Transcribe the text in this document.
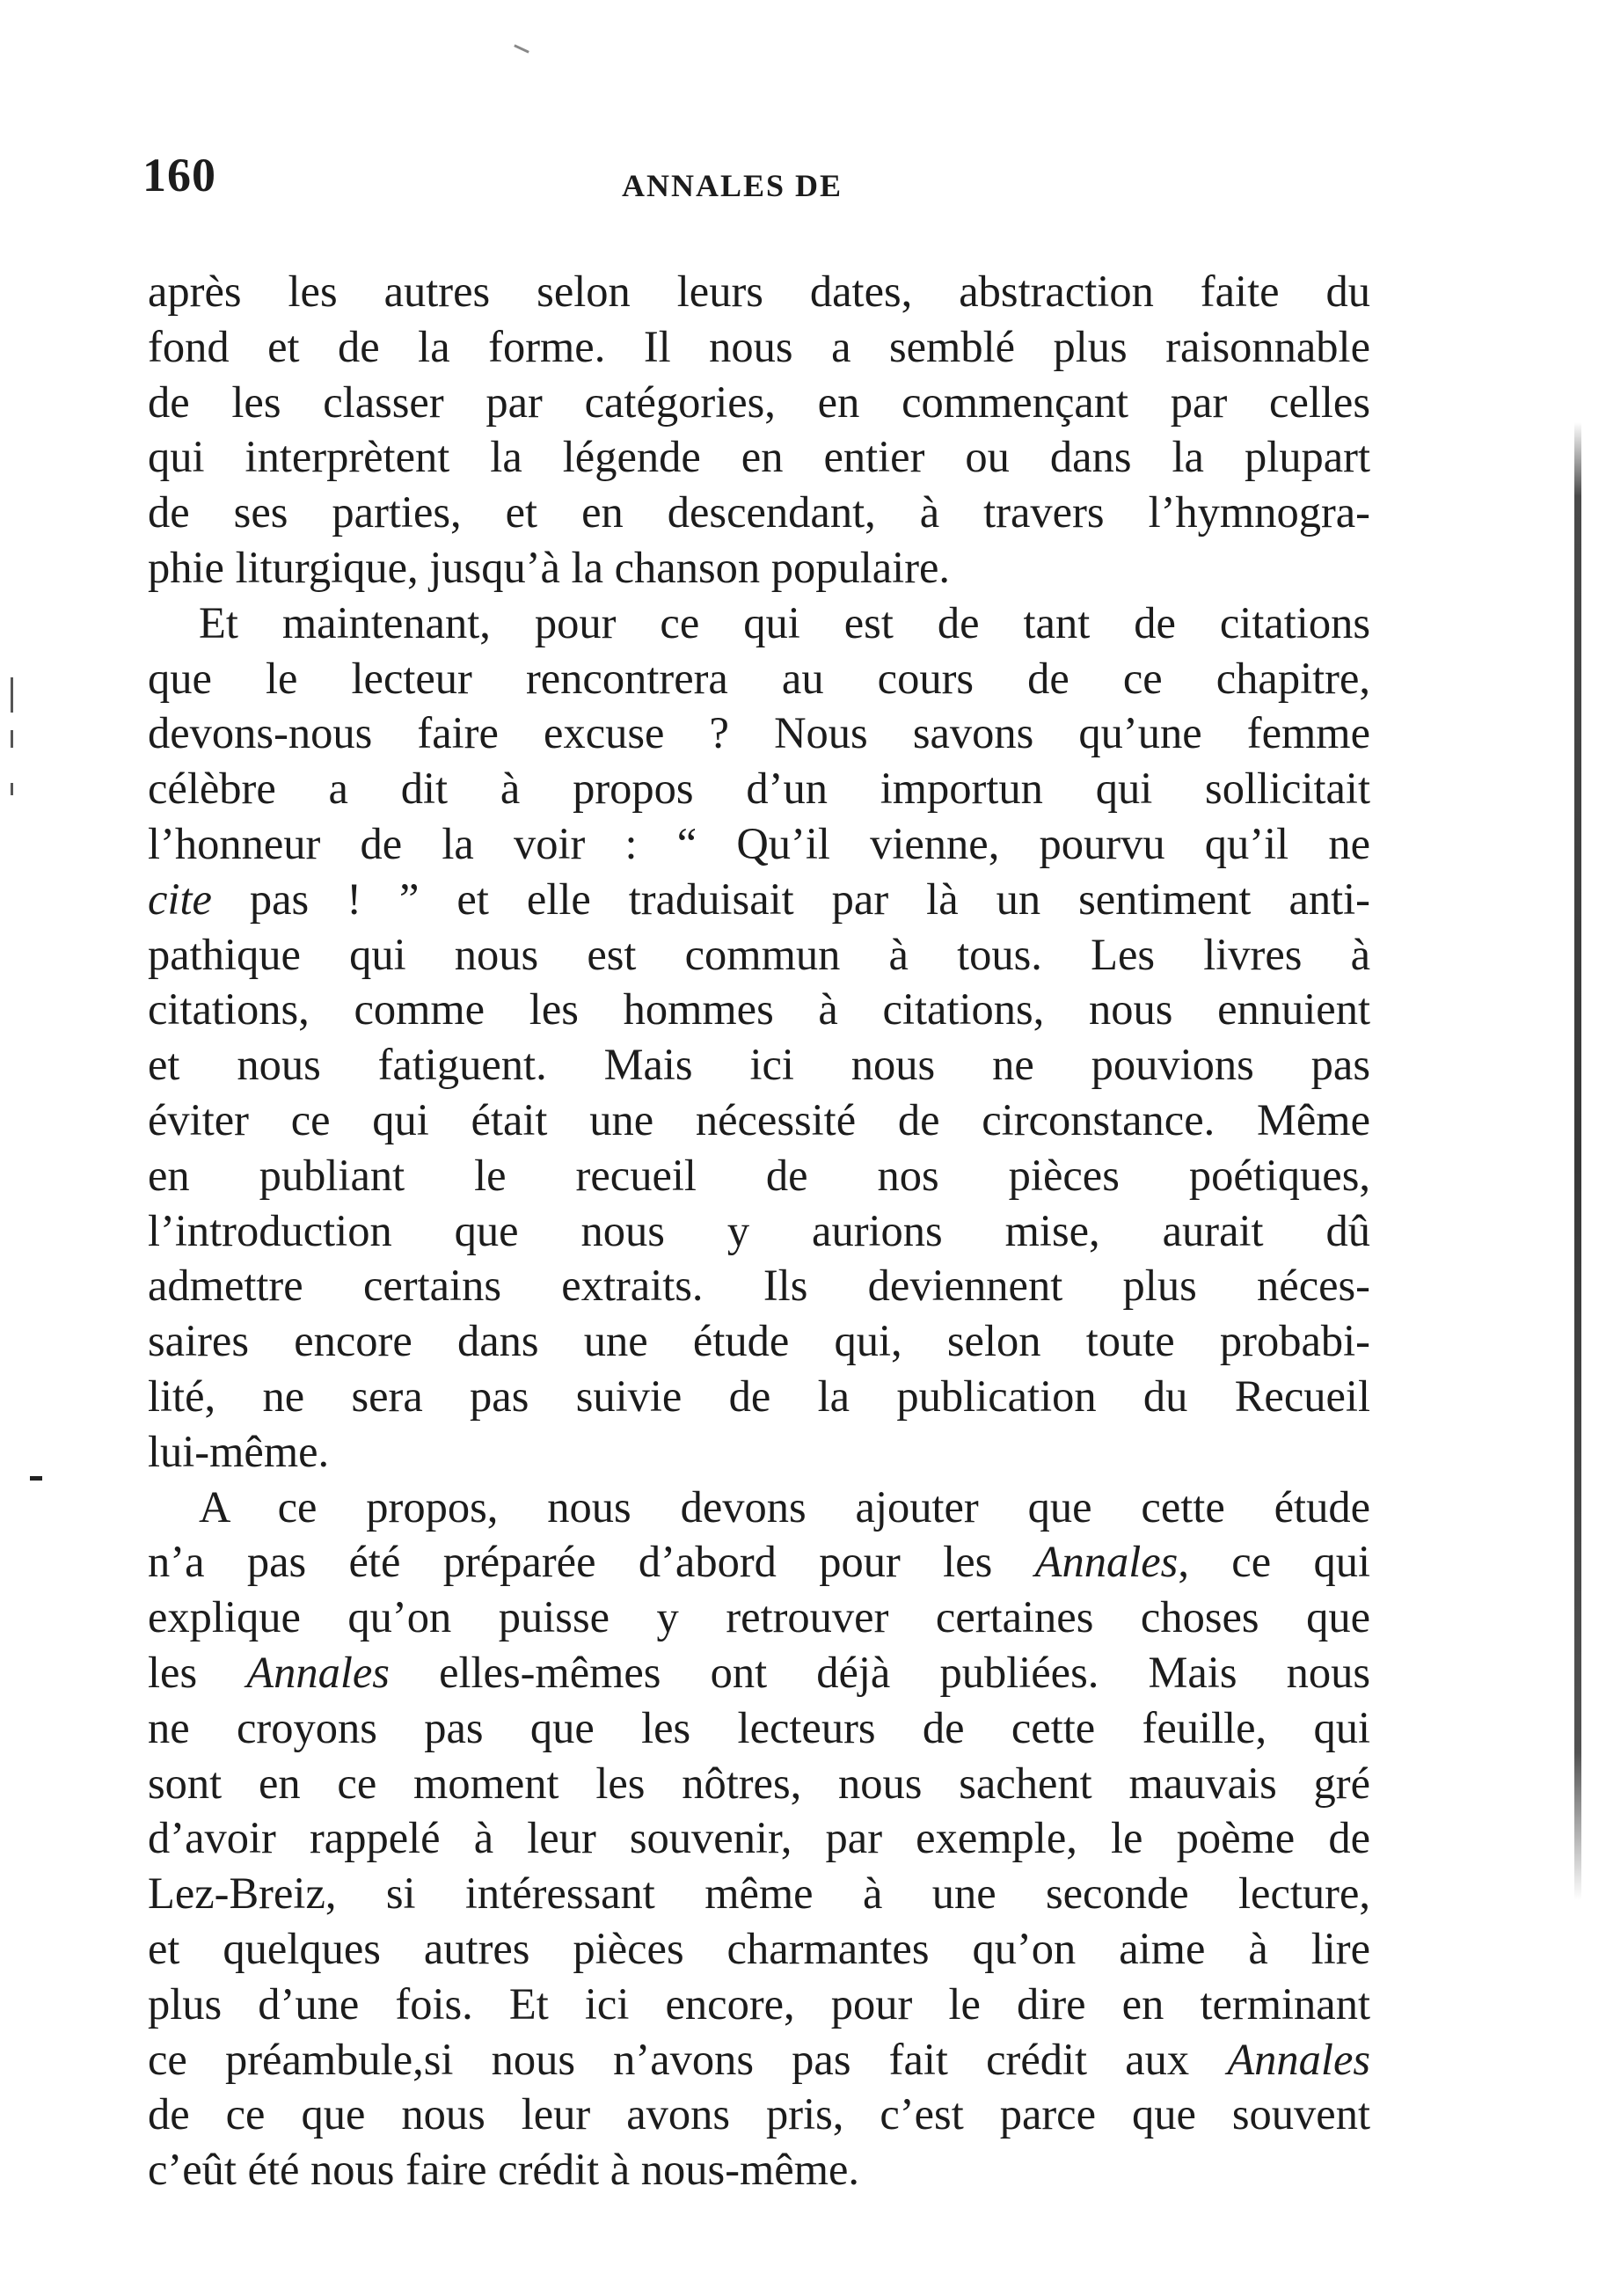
160	ANNALES DE
après les autres selon leurs dates, abstraction faite du
fond et de la forme. Il nous a semblé plus raisonnable
de les classer par catégories, en commençant par celles
qui interprètent la légende en entier ou dans la plupart
de ses parties, et en descendant, à travers l’hymnogra-
phie liturgique, jusqu’à la chanson populaire.
Et maintenant, pour ce qui est de tant de citations
que le lecteur rencontrera au cours de ce chapitre,
devons-nous faire excuse ? Nous savons qu’une femme
célèbre a dit à propos d’un importun qui sollicitait
l’honneur de la voir : “ Qu’il vienne, pourvu qu’il ne
cite pas ! ” et elle traduisait par là un sentiment anti-
pathique qui nous est commun à tous. Les livres à
citations, comme les hommes à citations, nous ennuient
et nous fatiguent. Mais ici nous ne pouvions pas
éviter ce qui était une nécessité de circonstance. Même
en publiant le recueil de nos pièces poétiques,
l’introduction que nous y aurions mise, aurait dû
admettre certains extraits. Ils deviennent plus néces-
saires encore dans une étude qui, selon toute probabi-
lité, ne sera pas suivie de la publication du Recueil
lui-même.
A ce propos, nous devons ajouter que cette étude
n’a pas été préparée d’abord pour les Annales, ce qui
explique qu’on puisse y retrouver certaines choses que
les Annales elles-mêmes ont déjà publiées. Mais nous
ne croyons pas que les lecteurs de cette feuille, qui
sont en ce moment les nôtres, nous sachent mauvais gré
d’avoir rappelé à leur souvenir, par exemple, le poème de
Lez-Breiz, si intéressant même à une seconde lecture,
et quelques autres pièces charmantes qu’on aime à lire
plus d’une fois. Et ici encore, pour le dire en terminant
ce préambule,si nous n’avons pas fait crédit aux Annales
de ce que nous leur avons pris, c’est parce que souvent
c’eût été nous faire crédit à nous-même.
